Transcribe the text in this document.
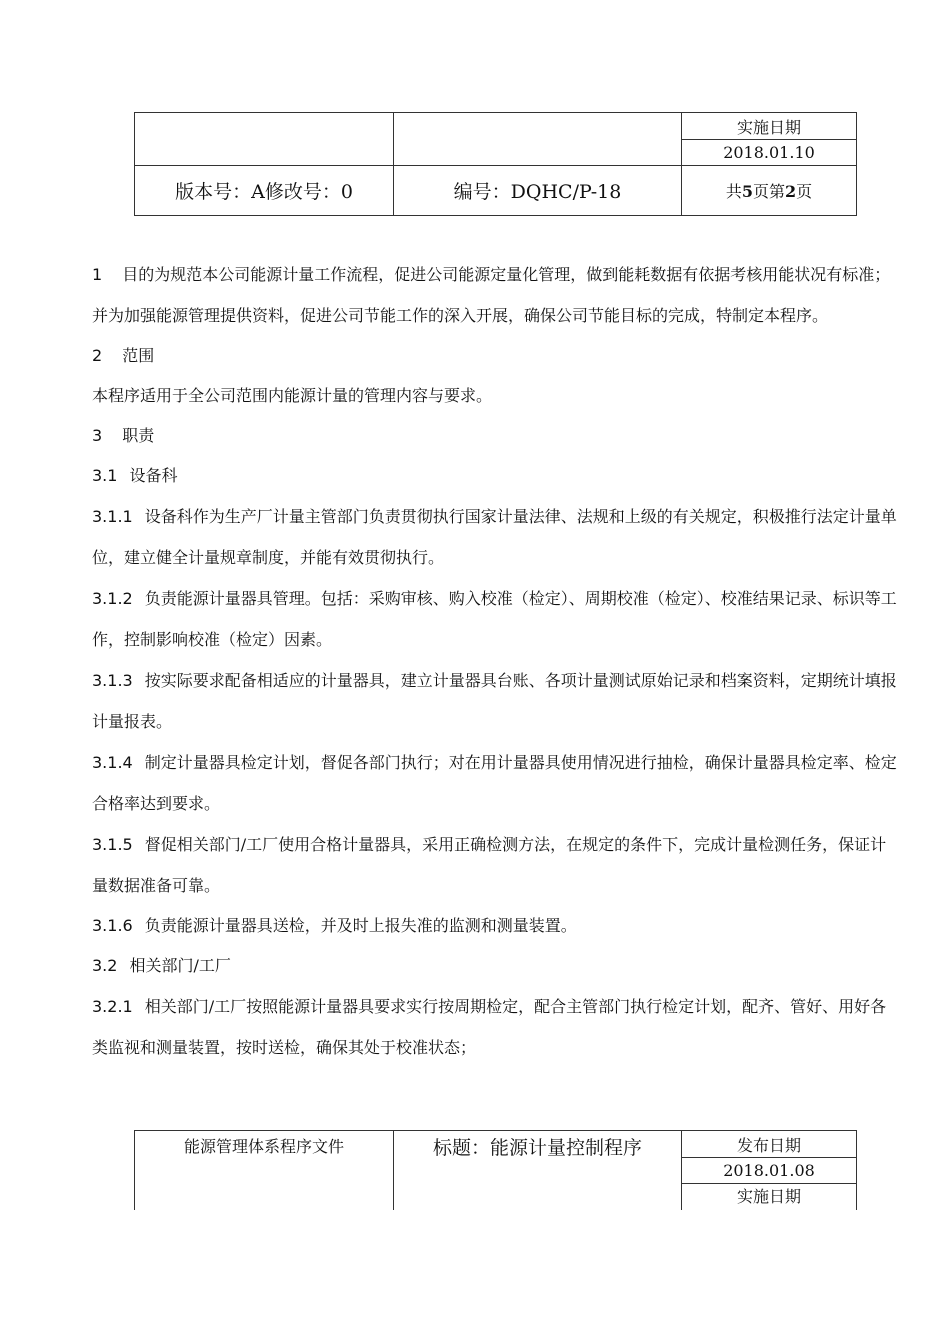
		实施日期
		2018.01.10
版本号：A修改号：0	编号：DQHC/P-18	共5页第2页

1 目的为规范本公司能源计量工作流程，促进公司能源定量化管理，做到能耗数据有依据考核用能状况有标准；并为加强能源管理提供资料，促进公司节能工作的深入开展，确保公司节能目标的完成，特制定本程序。

2 范围

本程序适用于全公司范围内能源计量的管理内容与要求。

3 职责

3.1 设备科

3.1.1 设备科作为生产厂计量主管部门负责贯彻执行国家计量法律、法规和上级的有关规定，积极推行法定计量单位，建立健全计量规章制度，并能有效贯彻执行。

3.1.2 负责能源计量器具管理。包括：采购审核、购入校准（检定）、周期校准（检定）、校准结果记录、标识等工作，控制影响校准（检定）因素。

3.1.3 按实际要求配备相适应的计量器具，建立计量器具台账、各项计量测试原始记录和档案资料，定期统计填报计量报表。

3.1.4 制定计量器具检定计划，督促各部门执行；对在用计量器具使用情况进行抽检，确保计量器具检定率、检定合格率达到要求。

3.1.5 督促相关部门/工厂使用合格计量器具，采用正确检测方法，在规定的条件下，完成计量检测任务，保证计量数据准备可靠。

3.1.6 负责能源计量器具送检，并及时上报失准的监测和测量装置。

3.2 相关部门/工厂

3.2.1 相关部门/工厂按照能源计量器具要求实行按周期检定，配合主管部门执行检定计划，配齐、管好、用好各类监视和测量装置，按时送检，确保其处于校准状态；

能源管理体系程序文件	标题：能源计量控制程序	发布日期
2018.01.08
实施日期
